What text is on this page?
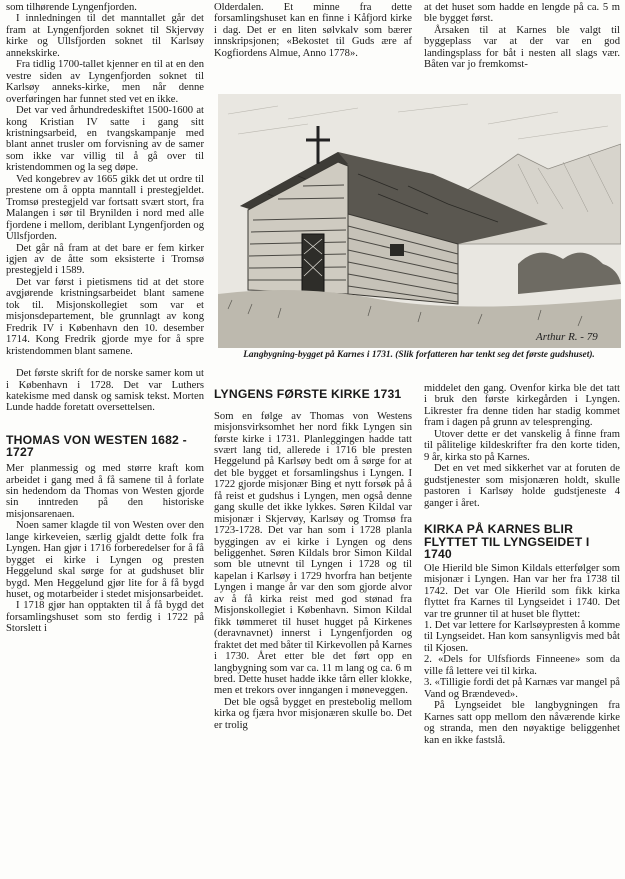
som tilhørende Lyngenfjorden.

I innledningen til det manntallet går det fram at Lyngenfjorden soknet til Skjervøy kirke og Ullsfjorden soknet til Karlsøy annekskirke.

Fra tidlig 1700-tallet kjenner en til at en den vestre siden av Lyngenfjorden soknet til Karlsøy anneks-kirke, men når denne overføringen har funnet sted vet en ikke.

Det var ved århundredeskiftet 1500-1600 at kong Kristian IV satte i gang sitt kristningsarbeid, en tvangskampanje med blant annet trusler om forvisning av de samer som ikke var villig til å gå over til kristendommen og la seg døpe.

Ved kongebrev av 1665 gikk det ut ordre til prestene om å oppta manntall i prestegjeldet. Tromsø prestegjeld var fortsatt svært stort, fra Malangen i sør til Brynilden i nord med alle fjordene i mellom, deriblant Lyngenfjorden og Ullsfjorden.

Det går nå fram at det bare er fem kirker igjen av de åtte som eksisterte i Tromsø prestegjeld i 1589.

Det var først i pietismens tid at det store avgjørende kristningsarbeidet blant samene tok til. Misjonskollegiet som var et misjonsdepartement, ble grunnlagt av kong Fredrik IV i København den 10. desember 1714. Kong Fredrik gjorde mye for å spre kristendommen blant samene.

Det første skrift for de norske samer kom ut i København i 1728. Det var Luthers katekisme med dansk og samisk tekst. Morten Lunde hadde foretatt oversettelsen.

THOMAS VON WESTEN 1682 - 1727

Mer planmessig og med større kraft kom arbeidet i gang med å få samene til å forlate sin hedendom da Thomas von Westen gjorde sin inntreden på den historiske misjonsarenaen.

Noen samer klagde til von Westen over den lange kirkeveien, særlig gjaldt dette folk fra Lyngen. Han gjør i 1716 forberedelser for å få bygget ei kirke i Lyngen og presten Heggelund skal sørge for at gudshuset blir bygd. Men Heggelund gjør lite for å få bygd huset, og motarbeider i stedet misjonsarbeidet.

I 1718 gjør han opptakten til å få bygd det forsamlingshuset som sto ferdig i 1722 på Storslett i

Olderdalen. Et minne fra dette forsamlingshuset kan en finne i Kåfjord kirke i dag. Det er en liten sølvkalv som bærer innskripsjonen; «Bekostet til Guds ære af Kogfiordens Almue, Anno 1778».

at det huset som hadde en lengde på ca. 5 m ble bygget først.

Årsaken til at Karnes ble valgt til byggeplass var at der var en god landingsplass for båt i nesten all slags vær. Båten var jo fremkomst-

Arthur R. - 79

Langbygning-bygget på Karnes i 1731. (Slik forfatteren har tenkt seg det første gudshuset).

LYNGENS FØRSTE KIRKE 1731

Som en følge av Thomas von Westens misjonsvirksomhet her nord fikk Lyngen sin første kirke i 1731. Planleggingen hadde tatt svært lang tid, allerede i 1716 ble presten Heggelund på Karlsøy bedt om å sørge for at det ble bygget et forsamlingshus i Lyngen. I 1722 gjorde misjonær Bing et nytt forsøk på å få reist et gudshus i Lyngen, men også denne gang skulle det ikke lykkes. Søren Kildal var misjonær i Skjervøy, Karlsøy og Tromsø fra 1723-1728. Det var han som i 1728 planla byggingen av ei kirke i Lyngen og dens beliggenhet. Søren Kildals bror Simon Kildal som ble utnevnt til Lyngen i 1728 og til kapelan i Karlsøy i 1729 hvorfra han betjente Lyngen i mange år var den som gjorde alvor av å få kirka reist med god stønad fra Misjonskollegiet i København. Simon Kildal fikk tømmeret til huset hugget på Kirkenes (deravnavnet) innerst i Lyngenfjorden og fraktet det med båter til Kirkevollen på Karnes i 1730. Året etter ble det ført opp en langbygning som var ca. 11 m lang og ca. 6 m bred. Dette huset hadde ikke tårn eller klokke, men et trekors over inngangen i møneveggen.

Det ble også bygget en prestebolig mellom kirka og fjæra hvor misjonæren skulle bo. Det er trolig

middelet den gang. Ovenfor kirka ble det tatt i bruk den første kirkegården i Lyngen. Likrester fra denne tiden har stadig kommet fram i dagen på grunn av telesprenging.

Utover dette er det vanskelig å finne fram til pålitelige kildeskrifter fra den korte tiden, 9 år, kirka sto på Karnes.

Det en vet med sikkerhet var at foruten de gudstjenester som misjonæren holdt, skulle pastoren i Karlsøy holde gudstjeneste 4 ganger i året.

KIRKA PÅ KARNES BLIR FLYTTET TIL LYNGSEIDET I 1740

Ole Hierild ble Simon Kildals etterfølger som misjonær i Lyngen. Han var her fra 1738 til 1742. Det var Ole Hierild som fikk kirka flyttet fra Karnes til Lyngseidet i 1740. Det var tre grunner til at huset ble flyttet:

1. Det var lettere for Karlsøypresten å komme til Lyngseidet. Han kom sansynligvis med båt til Kjosen.

2. «Dels for Ulfsfiords Finneene» som da ville få lettere vei til kirka.

3. «Tilligie fordi det på Karnæs var mangel på Vand og Brændeved».

På Lyngseidet ble langbygningen fra Karnes satt opp mellom den nåværende kirke og stranda, men den nøyaktige beliggenhet kan en ikke fastslå.
